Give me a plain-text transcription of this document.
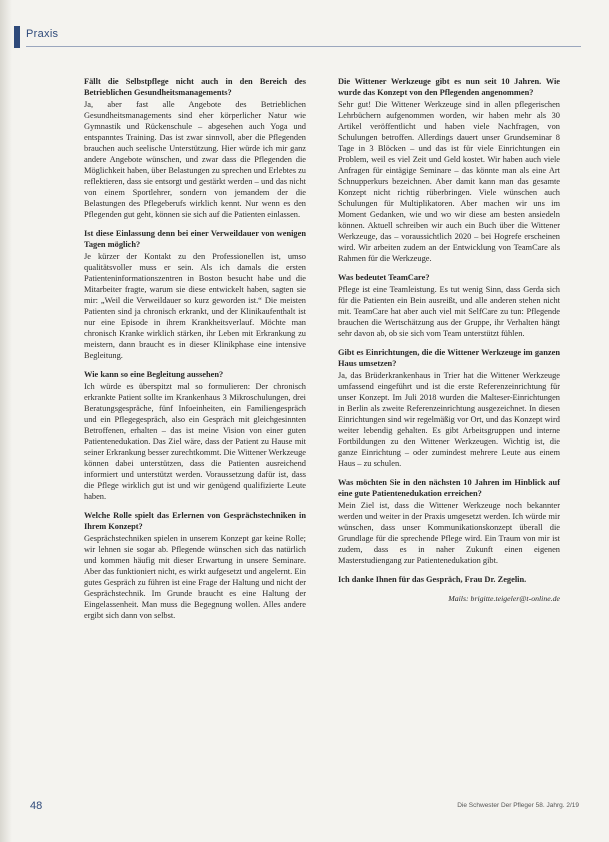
Praxis

Fällt die Selbstpflege nicht auch in den Bereich des Betrieblichen Gesundheitsmanagements?

Ja, aber fast alle Angebote des Betrieblichen Gesundheitsmanagements sind eher körperlicher Natur wie Gymnastik und Rückenschule – abgesehen auch Yoga und entspanntes Training. Das ist zwar sinnvoll, aber die Pflegenden brauchen auch seelische Unterstützung. Hier würde ich mir ganz andere Angebote wünschen, und zwar dass die Pflegenden die Möglichkeit haben, über Belastungen zu sprechen und Erlebtes zu reflektieren, dass sie entsorgt und gestärkt werden – und das nicht von einem Sportlehrer, sondern von jemandem der die Belastungen des Pflegeberufs wirklich kennt. Nur wenn es den Pflegenden gut geht, können sie sich auf die Patienten einlassen.

Ist diese Einlassung denn bei einer Verweildauer von wenigen Tagen möglich?

Je kürzer der Kontakt zu den Professionellen ist, umso qualitätsvoller muss er sein. Als ich damals die ersten Patienteninformationszentren in Boston besucht habe und die Mitarbeiter fragte, warum sie diese entwickelt haben, sagten sie mir: „Weil die Verweildauer so kurz geworden ist.“ Die meisten Patienten sind ja chronisch erkrankt, und der Klinikaufenthalt ist nur eine Episode in ihrem Krankheitsverlauf. Möchte man chronisch Kranke wirklich stärken, ihr Leben mit Erkrankung zu meistern, dann braucht es in dieser Klinikphase eine intensive Begleitung.

Wie kann so eine Begleitung aussehen?

Ich würde es überspitzt mal so formulieren: Der chronisch erkrankte Patient sollte im Krankenhaus 3 Mikroschulungen, drei Beratungsgespräche, fünf Infoeinheiten, ein Familiengespräch und ein Pflegegespräch, also ein Gespräch mit gleichgesinnten Betroffenen, erhalten – das ist meine Vision von einer guten Patientenedukation. Das Ziel wäre, dass der Patient zu Hause mit seiner Erkrankung besser zurechtkommt. Die Wittener Werkzeuge können dabei unterstützen, dass die Patienten ausreichend informiert und unterstützt werden. Voraussetzung dafür ist, dass die Pflege wirklich gut ist und wir genügend qualifizierte Leute haben.

Welche Rolle spielt das Erlernen von Gesprächstechniken in Ihrem Konzept?

Gesprächstechniken spielen in unserem Konzept gar keine Rolle; wir lehnen sie sogar ab. Pflegende wünschen sich das natürlich und kommen häufig mit dieser Erwartung in unsere Seminare. Aber das funktioniert nicht, es wirkt aufgesetzt und angelernt. Ein gutes Gespräch zu führen ist eine Frage der Haltung und nicht der Gesprächstechnik. Im Grunde braucht es eine Haltung der Eingelassenheit. Man muss die Begegnung wollen. Alles andere ergibt sich dann von selbst.

Die Wittener Werkzeuge gibt es nun seit 10 Jahren. Wie wurde das Konzept von den Pflegenden angenommen?

Sehr gut! Die Wittener Werkzeuge sind in allen pflegerischen Lehrbüchern aufgenommen worden, wir haben mehr als 30 Artikel veröffentlicht und haben viele Nachfragen, von Schulungen betroffen. Allerdings dauert unser Grundseminar 8 Tage in 3 Blöcken – und das ist für viele Einrichtungen ein Problem, weil es viel Zeit und Geld kostet. Wir haben auch viele Anfragen für eintägige Seminare – das könnte man als eine Art Schnupperkurs bezeichnen. Aber damit kann man das gesamte Konzept nicht richtig rüberbringen. Viele wünschen auch Schulungen für Multiplikatoren. Aber machen wir uns im Moment Gedanken, wie und wo wir diese am besten ansiedeln können. Aktuell schreiben wir auch ein Buch über die Wittener Werkzeuge, das – voraussichtlich 2020 – bei Hogrefe erscheinen wird. Wir arbeiten zudem an der Entwicklung von TeamCare als Rahmen für die Werkzeuge.

Was bedeutet TeamCare?

Pflege ist eine Teamleistung. Es tut wenig Sinn, dass Gerda sich für die Patienten ein Bein ausreißt, und alle anderen stehen nicht mit. TeamCare hat aber auch viel mit SelfCare zu tun: Pflegende brauchen die Wertschätzung aus der Gruppe, ihr Verhalten hängt sehr davon ab, ob sie sich vom Team unterstützt fühlen.

Gibt es Einrichtungen, die die Wittener Werkzeuge im ganzen Haus umsetzen?

Ja, das Brüderkrankenhaus in Trier hat die Wittener Werkzeuge umfassend eingeführt und ist die erste Referenzeinrichtung für unser Konzept. Im Juli 2018 wurden die Malteser-Einrichtungen in Berlin als zweite Referenzeinrichtung ausgezeichnet. In diesen Einrichtungen sind wir regelmäßig vor Ort, und das Konzept wird weiter lebendig gehalten. Es gibt Arbeitsgruppen und interne Fortbildungen zu den Wittener Werkzeugen. Wichtig ist, die ganze Einrichtung – oder zumindest mehrere Leute aus einem Haus – zu schulen.

Was möchten Sie in den nächsten 10 Jahren im Hinblick auf eine gute Patientenedukation erreichen?

Mein Ziel ist, dass die Wittener Werkzeuge noch bekannter werden und weiter in der Praxis umgesetzt werden. Ich würde mir wünschen, dass unser Kommunikationskonzept überall die Grundlage für die sprechende Pflege wird. Ein Traum von mir ist zudem, dass es in naher Zukunft einen eigenen Masterstudiengang zur Patientenedukation gibt.

Ich danke Ihnen für das Gespräch, Frau Dr. Zegelin.

Mails: brigitte.teigeler@t-online.de

48	Die Schwester Der Pfleger 58. Jahrg. 2/19
